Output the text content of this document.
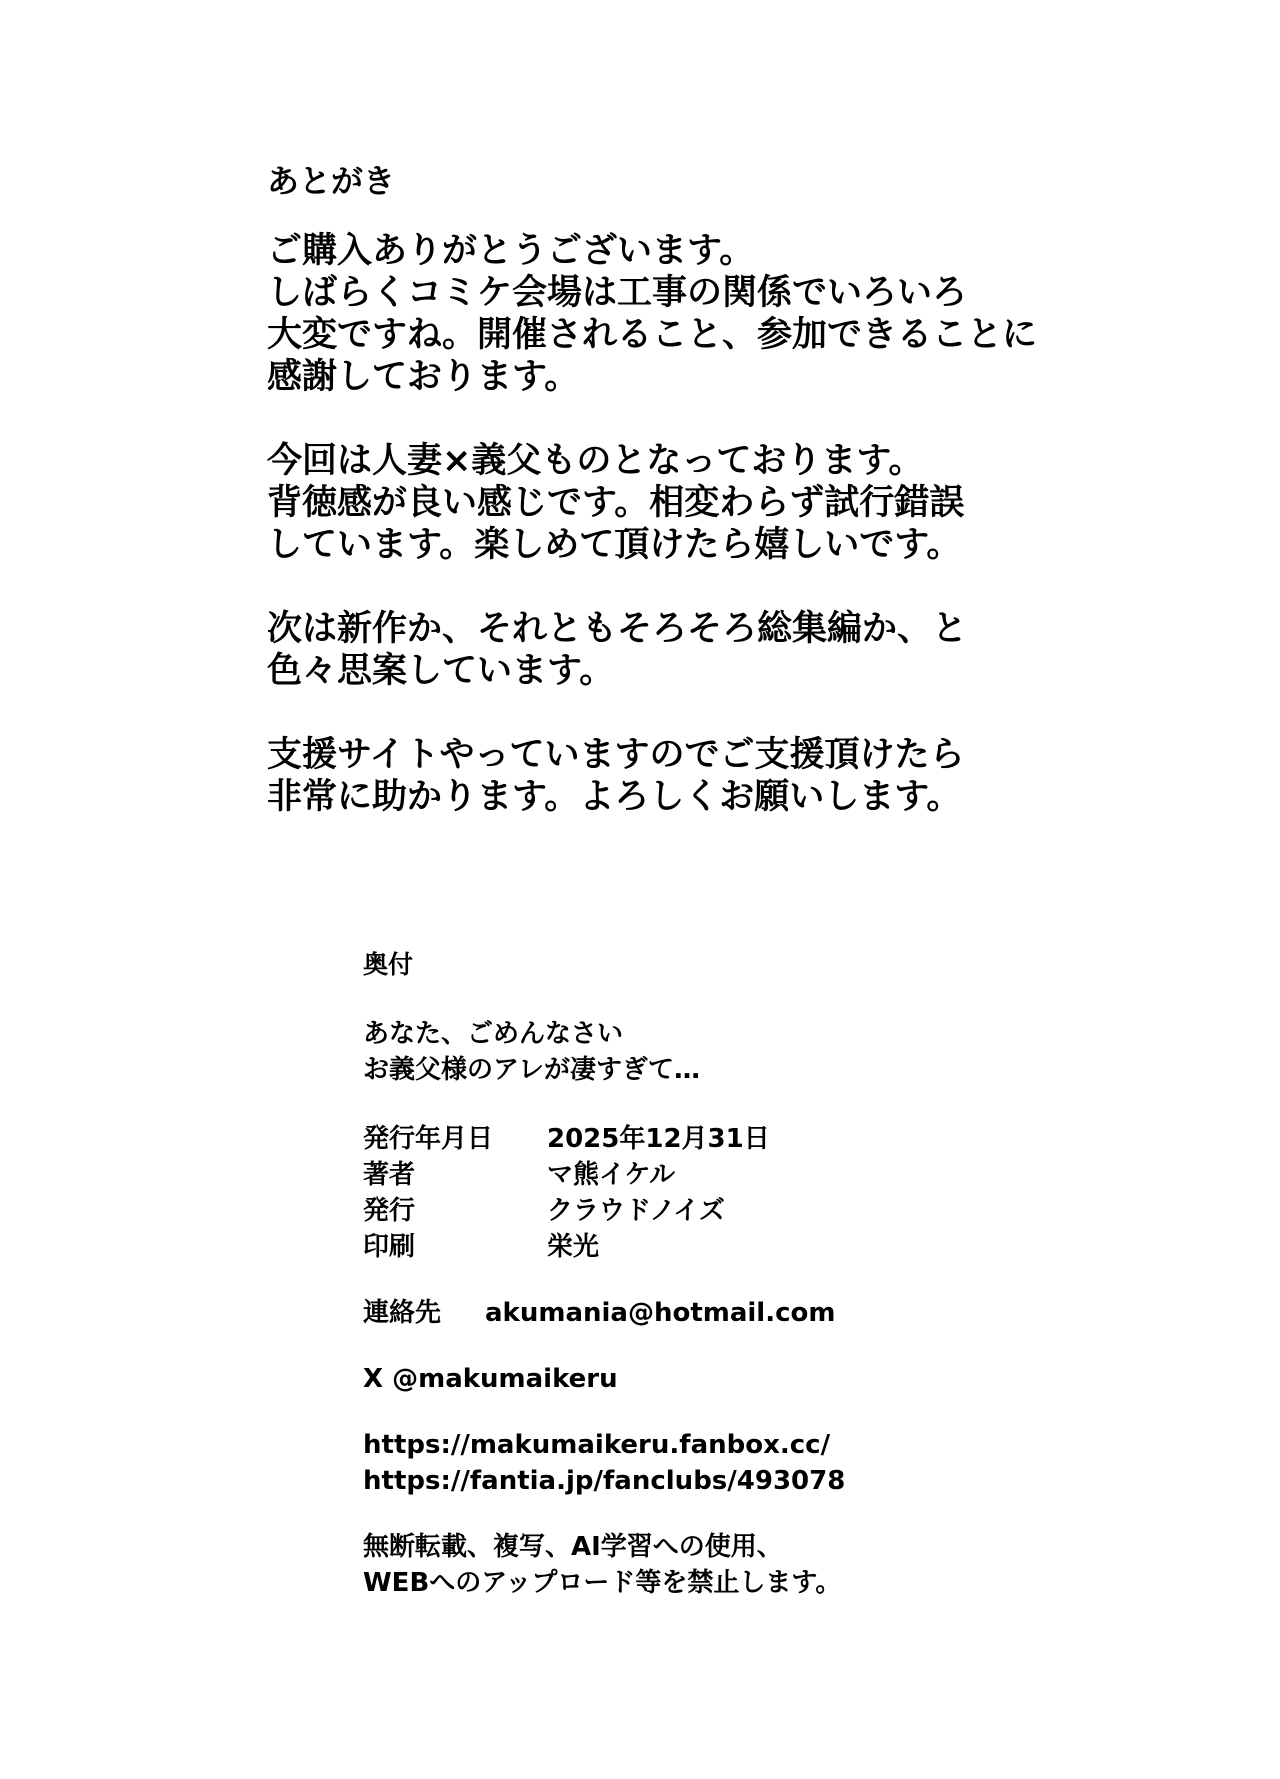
あとがき
ご購入ありがとうございます。
しばらくコミケ会場は工事の関係でいろいろ
大変ですね。開催されること、参加できることに
感謝しております。
今回は人妻×義父ものとなっております。
背徳感が良い感じです。相変わらず試行錯誤
しています。楽しめて頂けたら嬉しいです。
次は新作か、それともそろそろ総集編か、と
色々思案しています。
支援サイトやっていますのでご支援頂けたら
非常に助かります。よろしくお願いします。
奥付
あなた、ごめんなさい
お義父様のアレが凄すぎて…
発行年月日	2025年12月31日
著者	マ熊イケル
発行	クラウドノイズ
印刷	栄光
連絡先	akumania@hotmail.com
X @makumaikeru
https://makumaikeru.fanbox.cc/
https://fantia.jp/fanclubs/493078
無断転載、複写、AI学習への使用、
WEBへのアップロード等を禁止します。
